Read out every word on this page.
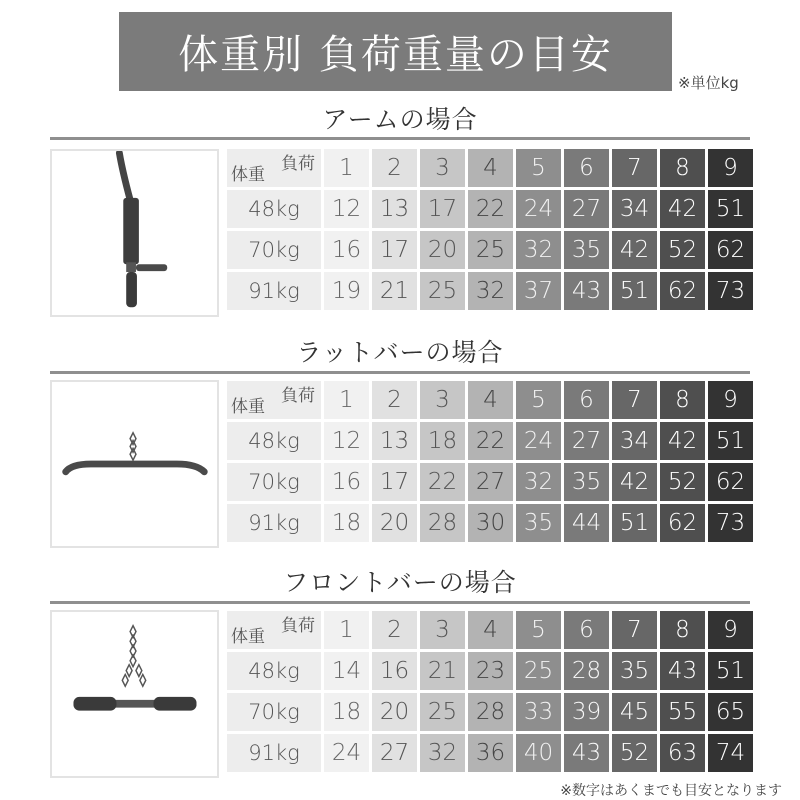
体重別 負荷重量の目安
※単位kg
アームの場合
負荷
体重	1	2	3	4	5	6	7	8	9
48kg	12	13	17	22	24	27	34	42	51
70kg	16	17	20	25	32	35	42	52	62
91kg	19	21	25	32	37	43	51	62	73
ラットバーの場合
負荷
体重	1	2	3	4	5	6	7	8	9
48kg	12	13	18	22	24	27	34	42	51
70kg	16	17	22	27	32	35	42	52	62
91kg	18	20	28	30	35	44	51	62	73
フロントバーの場合
負荷
体重	1	2	3	4	5	6	7	8	9
48kg	14	16	21	23	25	28	35	43	51
70kg	18	20	25	28	33	39	45	55	65
91kg	24	27	32	36	40	43	52	63	74
※数字はあくまでも目安となります
